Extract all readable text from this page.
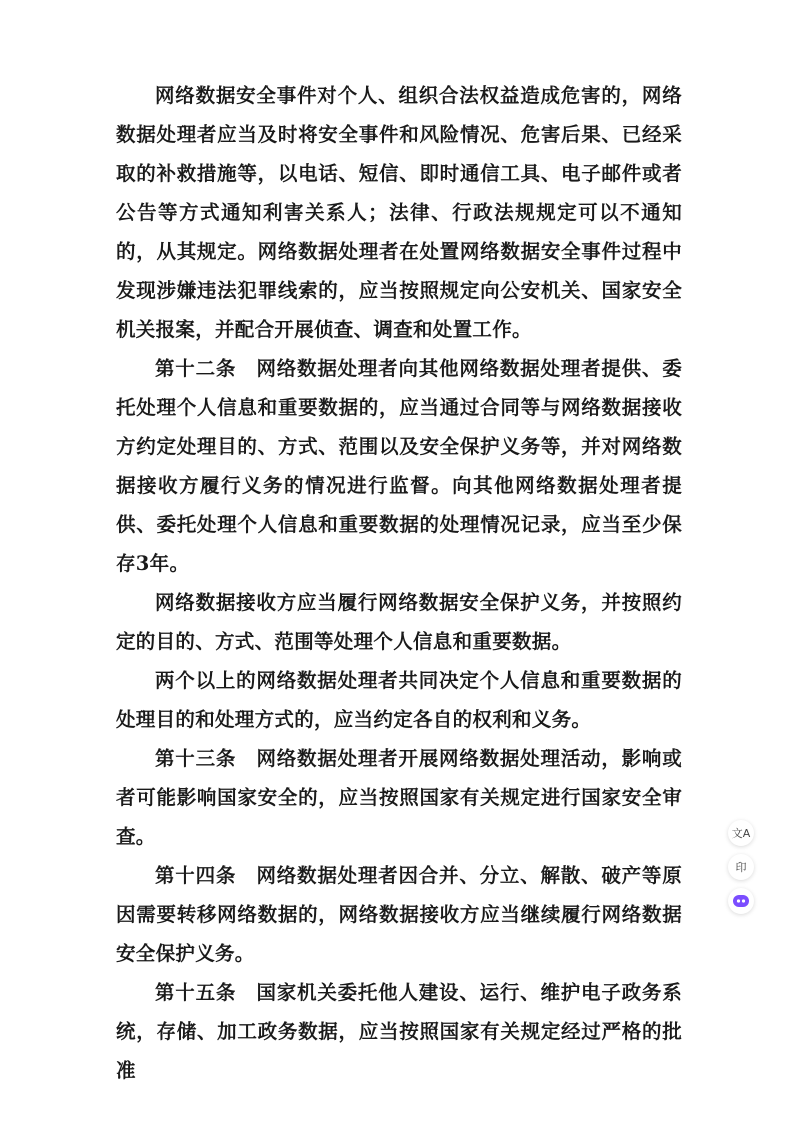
网络数据安全事件对个人、组织合法权益造成危害的，网络数据处理者应当及时将安全事件和风险情况、危害后果、已经采取的补救措施等，以电话、短信、即时通信工具、电子邮件或者公告等方式通知利害关系人；法律、行政法规规定可以不通知的，从其规定。网络数据处理者在处置网络数据安全事件过程中发现涉嫌违法犯罪线索的，应当按照规定向公安机关、国家安全机关报案，并配合开展侦查、调查和处置工作。

第十二条　 网络数据处理者向其他网络数据处理者提供、委托处理个人信息和重要数据的，应当通过合同等与网络数据接收方约定处理目的、方式、范围以及安全保护义务等，并对网络数据接收方履行义务的情况进行监督。向其他网络数据处理者提供、委托处理个人信息和重要数据的处理情况记录，应当至少保存3年。

网络数据接收方应当履行网络数据安全保护义务，并按照约定的目的、方式、范围等处理个人信息和重要数据。

两个以上的网络数据处理者共同决定个人信息和重要数据的处理目的和处理方式的，应当约定各自的权利和义务。

第十三条　 网络数据处理者开展网络数据处理活动，影响或者可能影响国家安全的，应当按照国家有关规定进行国家安全审查。

第十四条　 网络数据处理者因合并、分立、解散、破产等原因需要转移网络数据的，网络数据接收方应当继续履行网络数据安全保护义务。

第十五条　 国家机关委托他人建设、运行、维护电子政务系统，存储、加工政务数据，应当按照国家有关规定经过严格的批准

文A
印
